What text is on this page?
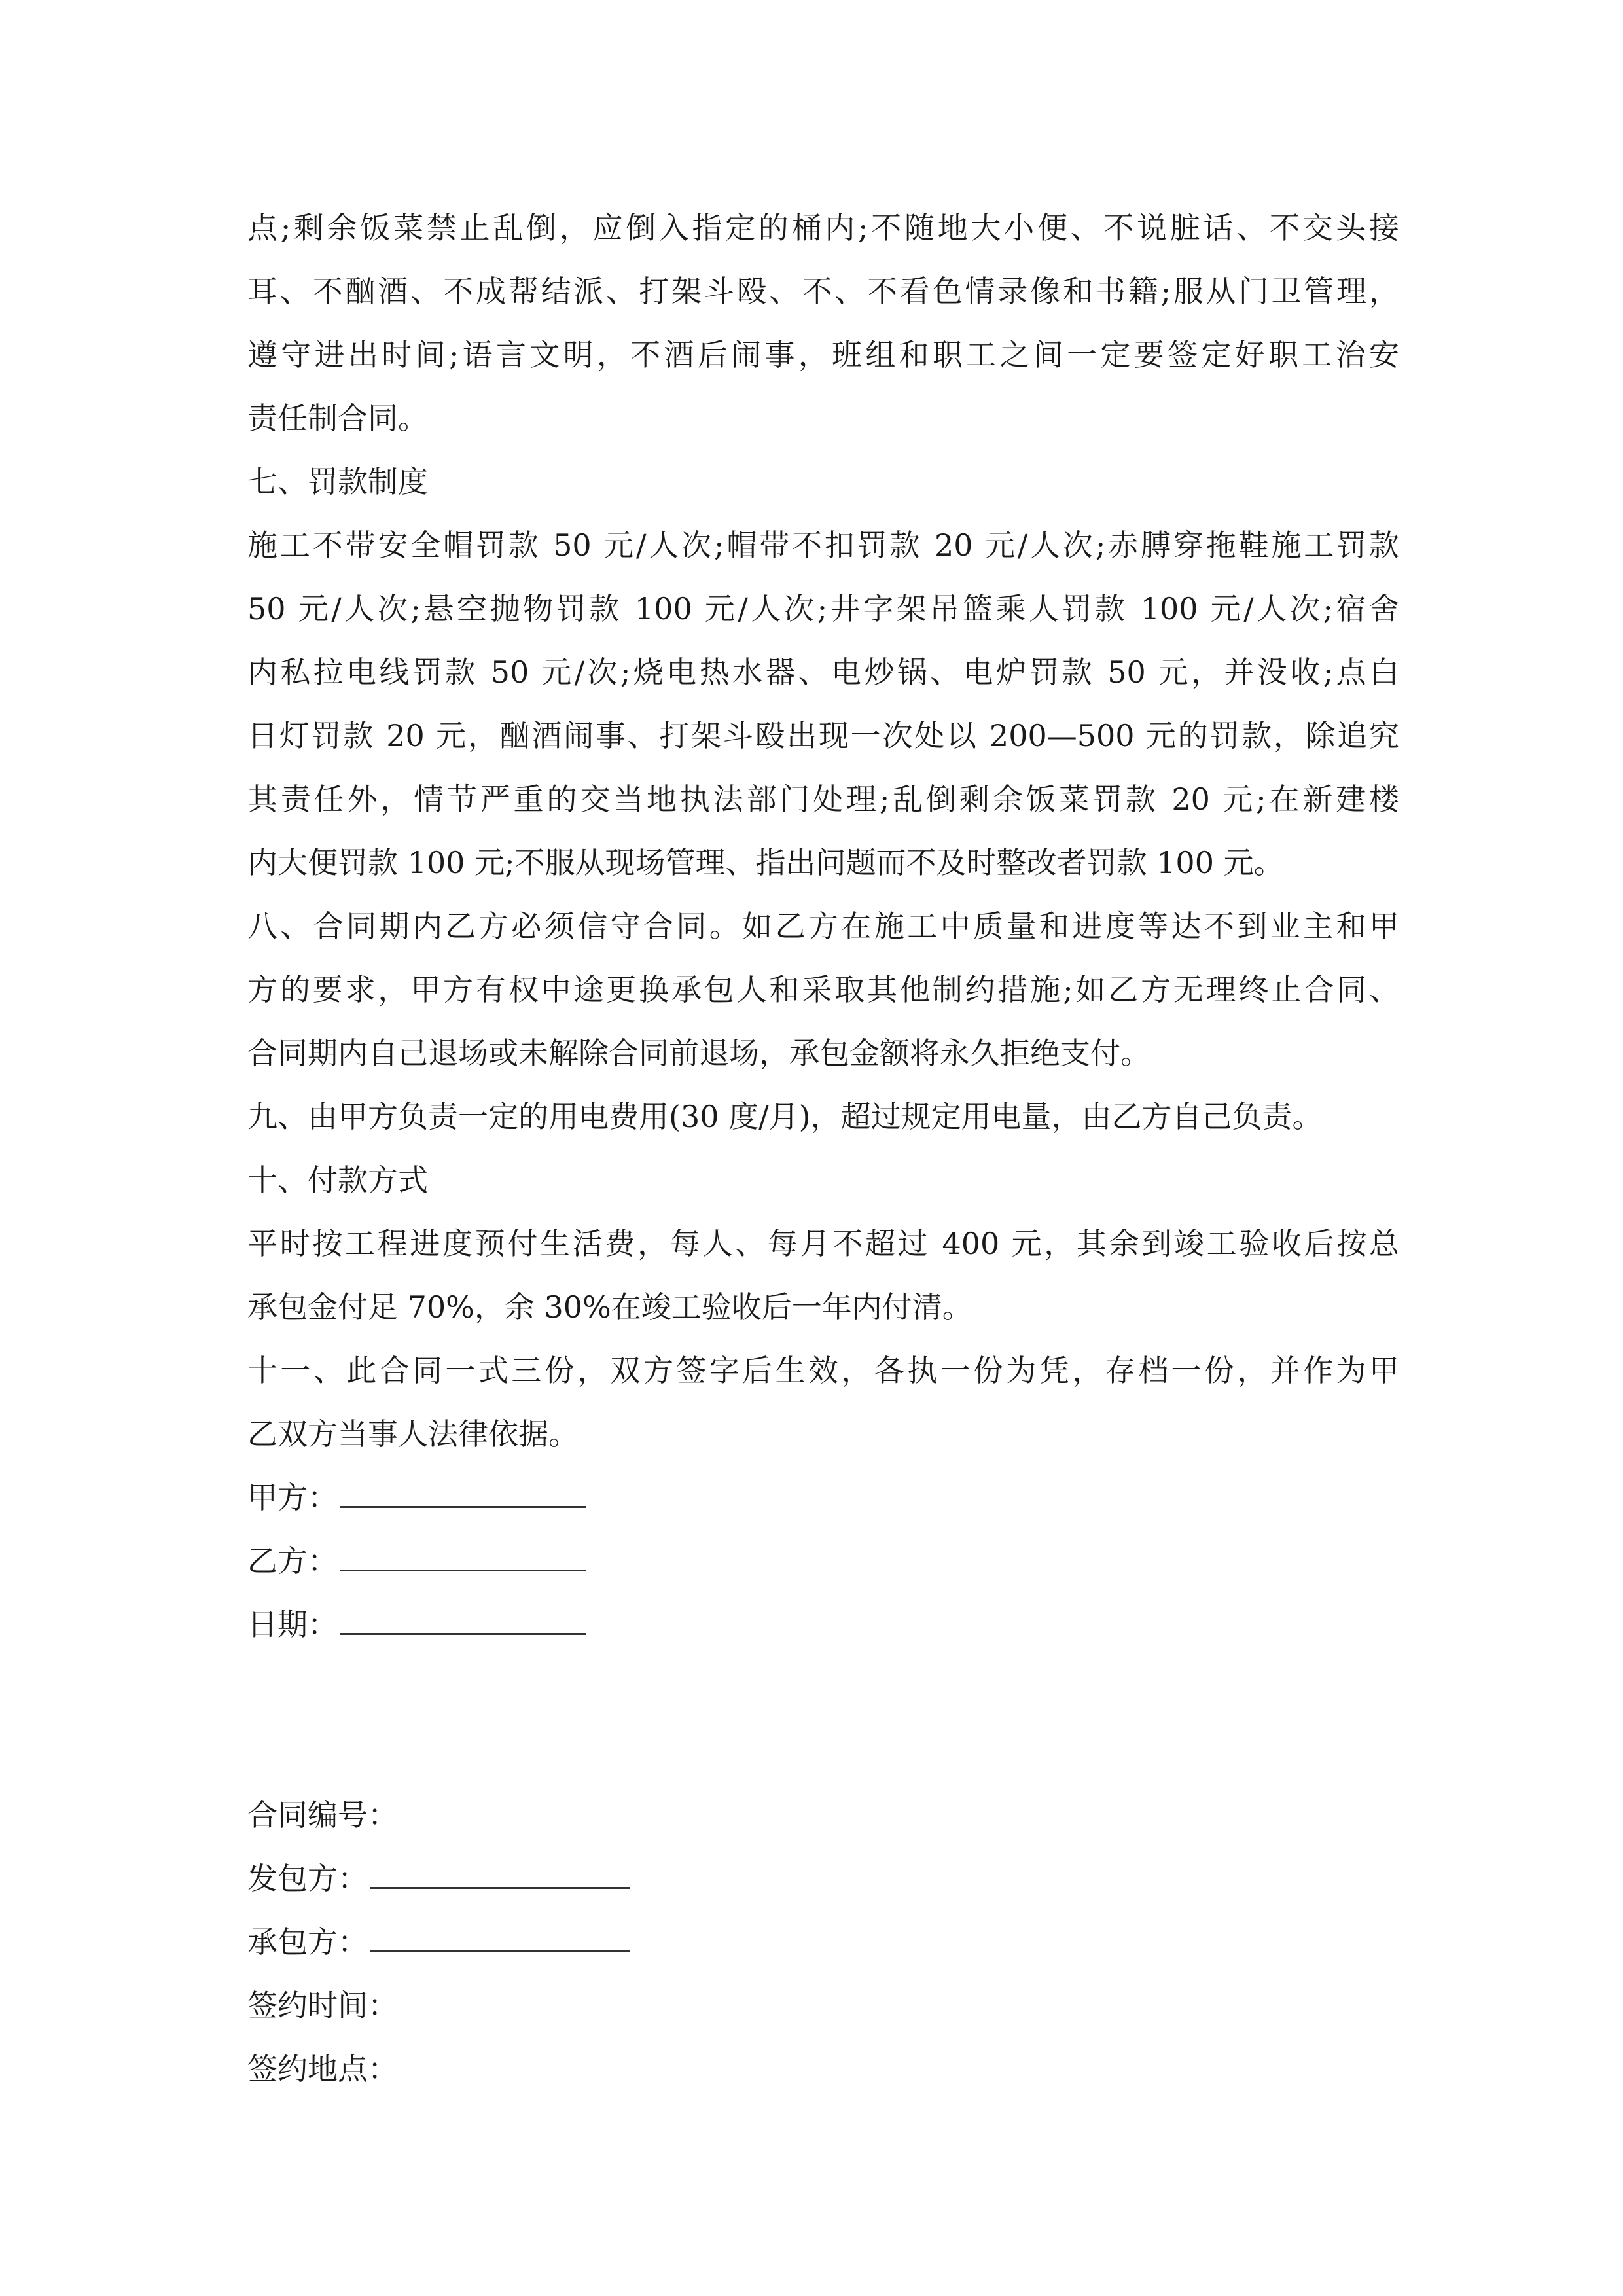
点;剩余饭菜禁止乱倒，应倒入指定的桶内;不随地大小便、不说脏话、不交头接
耳、不酗酒、不成帮结派、打架斗殴、不、不看色情录像和书籍;服从门卫管理，
遵守进出时间;语言文明，不酒后闹事，班组和职工之间一定要签定好职工治安
责任制合同。
七、罚款制度
施工不带安全帽罚款 50 元/人次;帽带不扣罚款 20 元/人次;赤膊穿拖鞋施工罚款
50 元/人次;悬空抛物罚款 100 元/人次;井字架吊篮乘人罚款 100 元/人次;宿舍
内私拉电线罚款 50 元/次;烧电热水器、电炒锅、电炉罚款 50 元，并没收;点白
日灯罚款 20 元，酗酒闹事、打架斗殴出现一次处以 200—500 元的罚款，除追究
其责任外，情节严重的交当地执法部门处理;乱倒剩余饭菜罚款 20 元;在新建楼
内大便罚款 100 元;不服从现场管理、指出问题而不及时整改者罚款 100 元。
八、合同期内乙方必须信守合同。如乙方在施工中质量和进度等达不到业主和甲
方的要求，甲方有权中途更换承包人和采取其他制约措施;如乙方无理终止合同、
合同期内自己退场或未解除合同前退场，承包金额将永久拒绝支付。
九、由甲方负责一定的用电费用(30 度/月)，超过规定用电量，由乙方自己负责。
十、付款方式
平时按工程进度预付生活费，每人、每月不超过 400 元，其余到竣工验收后按总
承包金付足 70%，余 30%在竣工验收后一年内付清。
十一、此合同一式三份，双方签字后生效，各执一份为凭，存档一份，并作为甲
乙双方当事人法律依据。
甲方：
乙方：
日期：
合同编号：
发包方：
承包方：
签约时间：
签约地点：
